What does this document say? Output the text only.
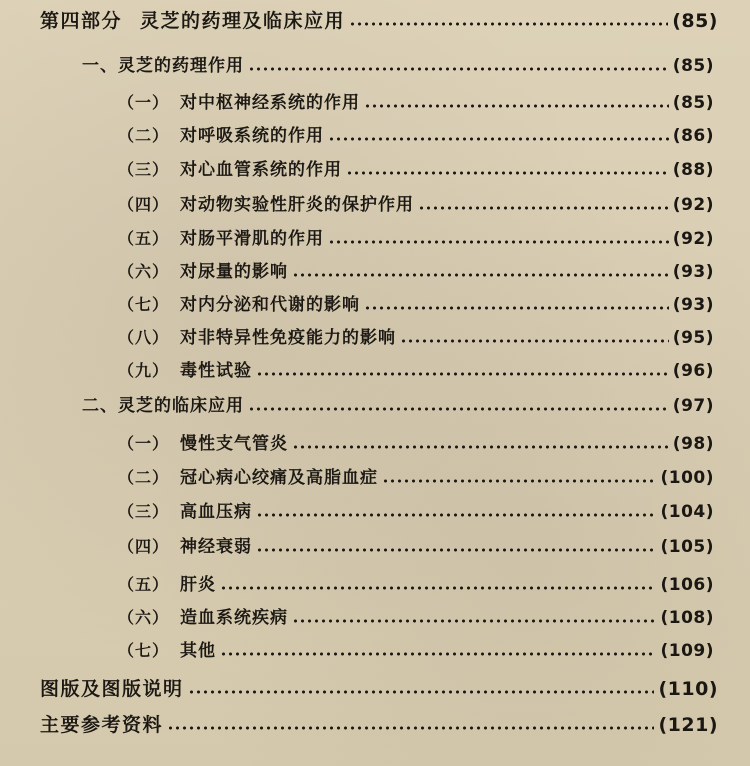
第四部分 灵芝的药理及临床应用	(85)
一、灵芝的药理作用	(85)
（一） 对中枢神经系统的作用	(85)
（二） 对呼吸系统的作用	(86)
（三） 对心血管系统的作用	(88)
（四） 对动物实验性肝炎的保护作用	(92)
（五） 对肠平滑肌的作用	(92)
（六） 对尿量的影响	(93)
（七） 对内分泌和代谢的影响	(93)
（八） 对非特异性免疫能力的影响	(95)
（九） 毒性试验	(96)
二、灵芝的临床应用	(97)
（一） 慢性支气管炎	(98)
（二） 冠心病心绞痛及高脂血症	(100)
（三） 高血压病	(104)
（四） 神经衰弱	(105)
（五） 肝炎	(106)
（六） 造血系统疾病	(108)
（七） 其他	(109)
图版及图版说明	(110)
主要参考资料	(121)
